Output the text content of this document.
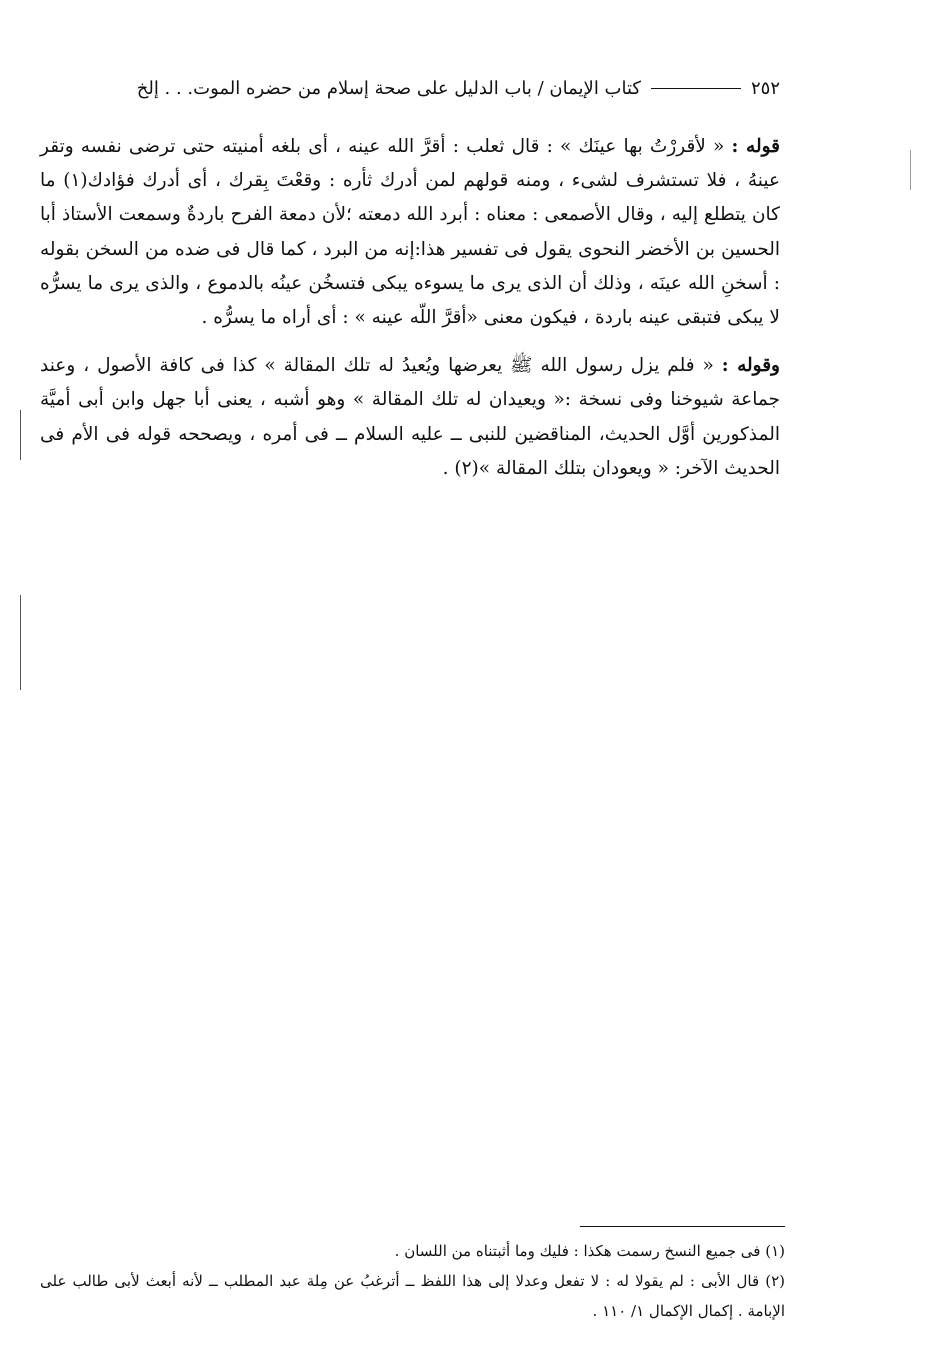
٢٥٢
كتاب الإيمان / باب الدليل على صحة إسلام من حضره الموت. . . إلخ

قوله : « لأقررْتُ بها عينَك » : قال ثعلب : أقرَّ الله عينه ، أى بلغه أمنيته حتى ترضى نفسه وتقر عينهُ ، فلا تستشرف لشىء ، ومنه قولهم لمن أدرك ثأره : وقعْتَ بِقرك ، أى أدرك فؤادك(١) ما كان يتطلع إليه ، وقال الأصمعى : معناه : أبرد الله دمعته ؛لأن دمعة الفرح باردةٌ وسمعت الأستاذ أبا الحسين بن الأخضر النحوى يقول فى تفسير هذا:إنه من البرد ، كما قال فى ضده من السخن بقوله : أسخنِ الله عينَه ، وذلك أن الذى يرى ما يسوءه يبكى فتسخُن عينُه بالدموع ، والذى يرى ما يسرُّه لا يبكى فتبقى عينه باردة ، فيكون معنى «أقرَّ اللّه عينه » : أى أراه ما يسرُّه .

وقوله : « فلم يزل رسول الله ﷺ يعرضها ويُعيدُ له تلك المقالة » كذا فى كافة الأصول ، وعند جماعة شيوخنا وفى نسخة :« ويعيدان له تلك المقالة » وهو أشبه ، يعنى أبا جهل وابن أبى أميَّة المذكورين أوَّل الحديث، المناقضين للنبى ــ عليه السلام ــ فى أمره ، ويصححه قوله فى الأم فى الحديث الآخر: « ويعودان بتلك المقالة »(٢) .

(١) فى جميع النسخ رسمت هكذا : فليك وما أثبتناه من اللسان .

(٢) قال الأبى : لم يقولا له : لا تفعل وعدلا إلى هذا اللفظ ــ أترغبُ عن مِلة عبد المطلب ــ لأنه أبعث لأبى طالب على الإبامة . إكمال الإكمال ١/ ١١٠ .
